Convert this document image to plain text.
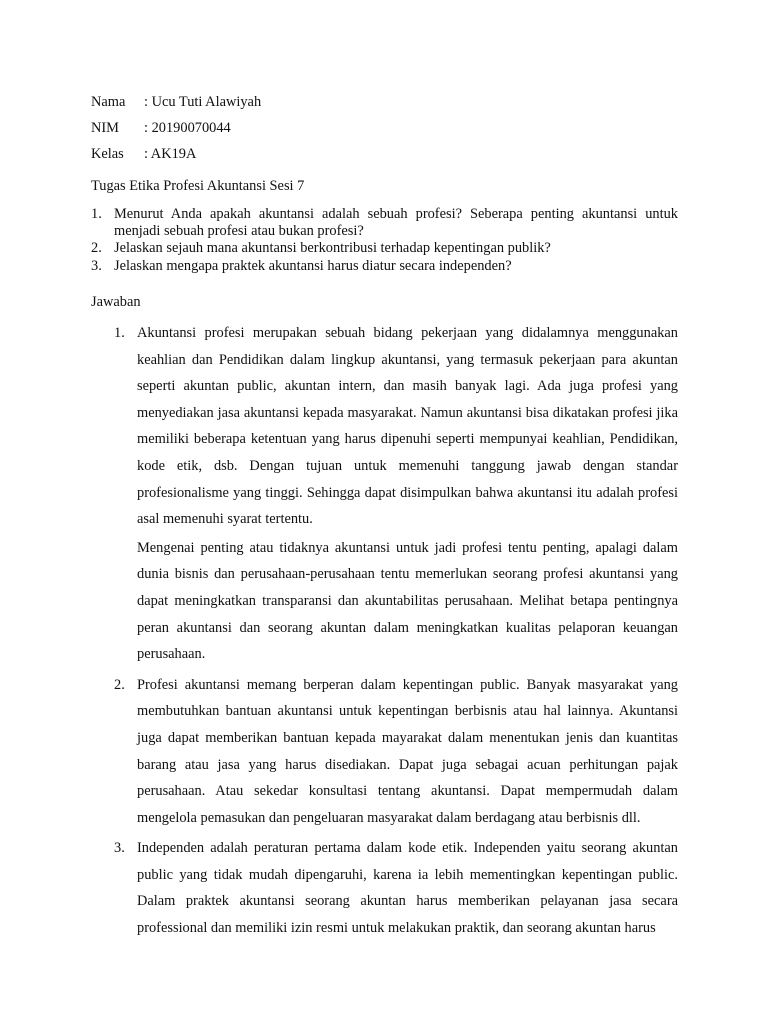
Nama	: Ucu Tuti Alawiyah
NIM	: 20190070044
Kelas	: AK19A
Tugas Etika Profesi Akuntansi Sesi 7
1. Menurut Anda apakah akuntansi adalah sebuah profesi? Seberapa penting akuntansi untuk menjadi sebuah profesi atau bukan profesi?
2. Jelaskan sejauh mana akuntansi berkontribusi terhadap kepentingan publik?
3. Jelaskan mengapa praktek akuntansi harus diatur secara independen?
Jawaban
1. Akuntansi profesi merupakan sebuah bidang pekerjaan yang didalamnya menggunakan keahlian dan Pendidikan dalam lingkup akuntansi, yang termasuk pekerjaan para akuntan seperti akuntan public, akuntan intern, dan masih banyak lagi. Ada juga profesi yang menyediakan jasa akuntansi kepada masyarakat. Namun akuntansi bisa dikatakan profesi jika memiliki beberapa ketentuan yang harus dipenuhi seperti mempunyai keahlian, Pendidikan, kode etik, dsb. Dengan tujuan untuk memenuhi tanggung jawab dengan standar profesionalisme yang tinggi. Sehingga dapat disimpulkan bahwa akuntansi itu adalah profesi asal memenuhi syarat tertentu.

Mengenai penting atau tidaknya akuntansi untuk jadi profesi tentu penting, apalagi dalam dunia bisnis dan perusahaan-perusahaan tentu memerlukan seorang profesi akuntansi yang dapat meningkatkan transparansi dan akuntabilitas perusahaan. Melihat betapa pentingnya peran akuntansi dan seorang akuntan dalam meningkatkan kualitas pelaporan keuangan perusahaan.

2. Profesi akuntansi memang berperan dalam kepentingan public. Banyak masyarakat yang membutuhkan bantuan akuntansi untuk kepentingan berbisnis atau hal lainnya. Akuntansi juga dapat memberikan bantuan kepada mayarakat dalam menentukan jenis dan kuantitas barang atau jasa yang harus disediakan. Dapat juga sebagai acuan perhitungan pajak perusahaan. Atau sekedar konsultasi tentang akuntansi. Dapat mempermudah dalam mengelola pemasukan dan pengeluaran masyarakat dalam berdagang atau berbisnis dll.

3. Independen adalah peraturan pertama dalam kode etik. Independen yaitu seorang akuntan public yang tidak mudah dipengaruhi, karena ia lebih mementingkan kepentingan public. Dalam praktek akuntansi seorang akuntan harus memberikan pelayanan jasa secara professional dan memiliki izin resmi untuk melakukan praktik, dan seorang akuntan harus
